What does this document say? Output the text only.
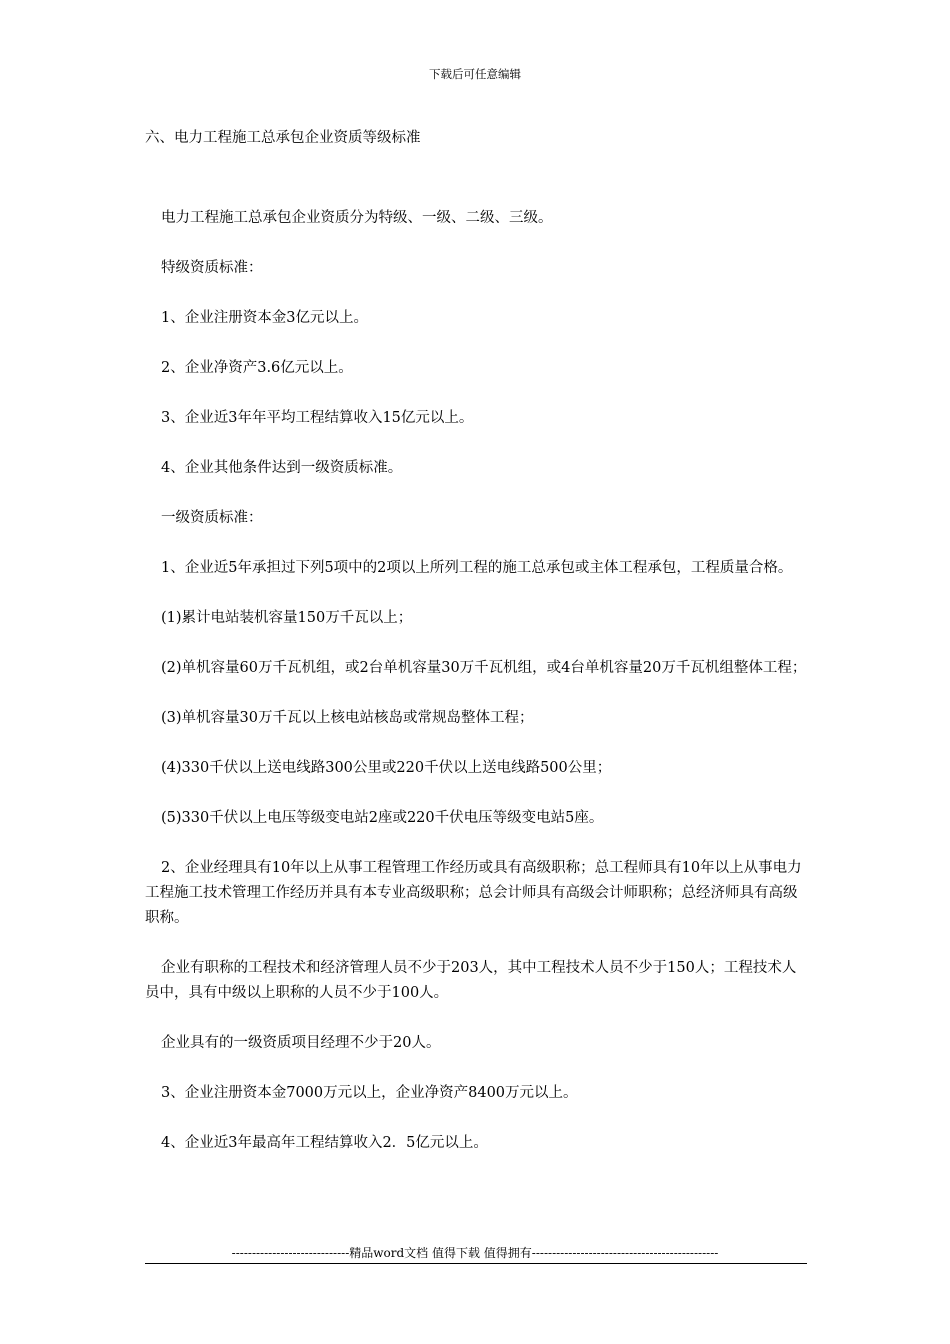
下载后可任意编辑

六、电力工程施工总承包企业资质等级标准

电力工程施工总承包企业资质分为特级、一级、二级、三级。

特级资质标准：

1、企业注册资本金3亿元以上。

2、企业净资产3.6亿元以上。

3、企业近3年年平均工程结算收入15亿元以上。

4、企业其他条件达到一级资质标准。

一级资质标准：

1、企业近5年承担过下列5项中的2项以上所列工程的施工总承包或主体工程承包，工程质量合格。

(1)累计电站装机容量150万千瓦以上；

(2)单机容量60万千瓦机组，或2台单机容量30万千瓦机组，或4台单机容量20万千瓦机组整体工程；

(3)单机容量30万千瓦以上核电站核岛或常规岛整体工程；

(4)330千伏以上送电线路300公里或220千伏以上送电线路500公里；

(5)330千伏以上电压等级变电站2座或220千伏电压等级变电站5座。

2、企业经理具有10年以上从事工程管理工作经历或具有高级职称；总工程师具有10年以上从事电力工程施工技术管理工作经历并具有本专业高级职称；总会计师具有高级会计师职称；总经济师具有高级职称。

企业有职称的工程技术和经济管理人员不少于203人，其中工程技术人员不少于150人；工程技术人员中，具有中级以上职称的人员不少于100人。

企业具有的一级资质项目经理不少于20人。

3、企业注册资本金7000万元以上，企业净资产8400万元以上。

4、企业近3年最高年工程结算收入2．5亿元以上。

-----------------------------精品word文档 值得下载 值得拥有----------------------------------------------
